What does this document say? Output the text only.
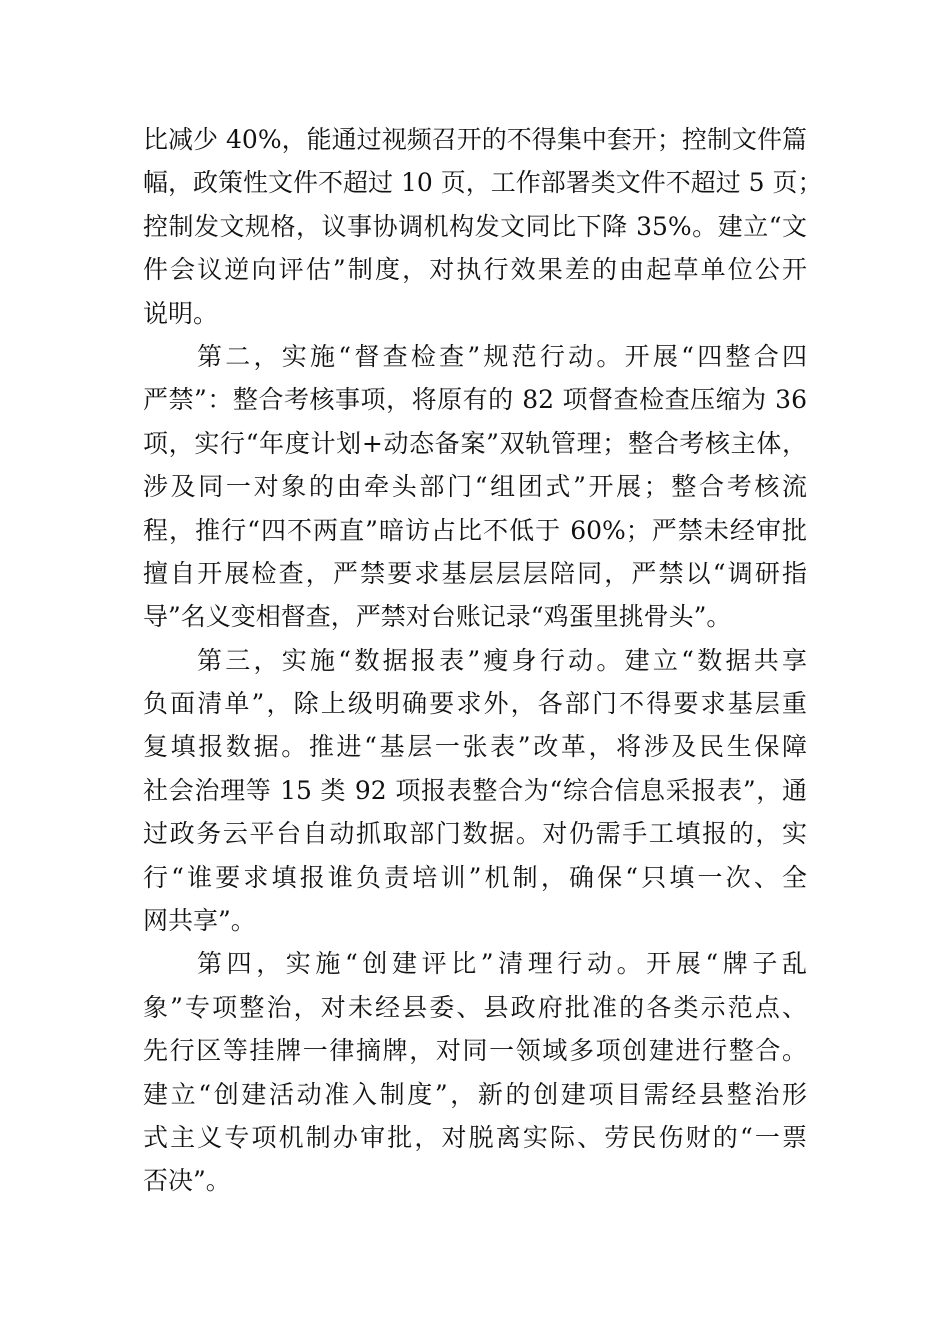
比减少 40%，能通过视频召开的不得集中套开；控制文件篇
幅，政策性文件不超过 10 页，工作部署类文件不超过 5 页；
控制发文规格，议事协调机构发文同比下降 35%。建立“文
件会议逆向评估”制度，对执行效果差的由起草单位公开
说明。
第二，实施“督查检查”规范行动。开展“四整合四
严禁”：整合考核事项，将原有的 82 项督查检查压缩为 36
项，实行“年度计划+动态备案”双轨管理；整合考核主体，
涉及同一对象的由牵头部门“组团式”开展；整合考核流
程，推行“四不两直”暗访占比不低于 60%；严禁未经审批
擅自开展检查，严禁要求基层层层陪同，严禁以“调研指
导”名义变相督查，严禁对台账记录“鸡蛋里挑骨头”。
第三，实施“数据报表”瘦身行动。建立“数据共享
负面清单”，除上级明确要求外，各部门不得要求基层重
复填报数据。推进“基层一张表”改革，将涉及民生保障
社会治理等 15 类 92 项报表整合为“综合信息采报表”，通
过政务云平台自动抓取部门数据。对仍需手工填报的，实
行“谁要求填报谁负责培训”机制，确保“只填一次、全
网共享”。
第四，实施“创建评比”清理行动。开展“牌子乱
象”专项整治，对未经县委、县政府批准的各类示范点、
先行区等挂牌一律摘牌，对同一领域多项创建进行整合。
建立“创建活动准入制度”，新的创建项目需经县整治形
式主义专项机制办审批，对脱离实际、劳民伤财的“一票
否决”。
